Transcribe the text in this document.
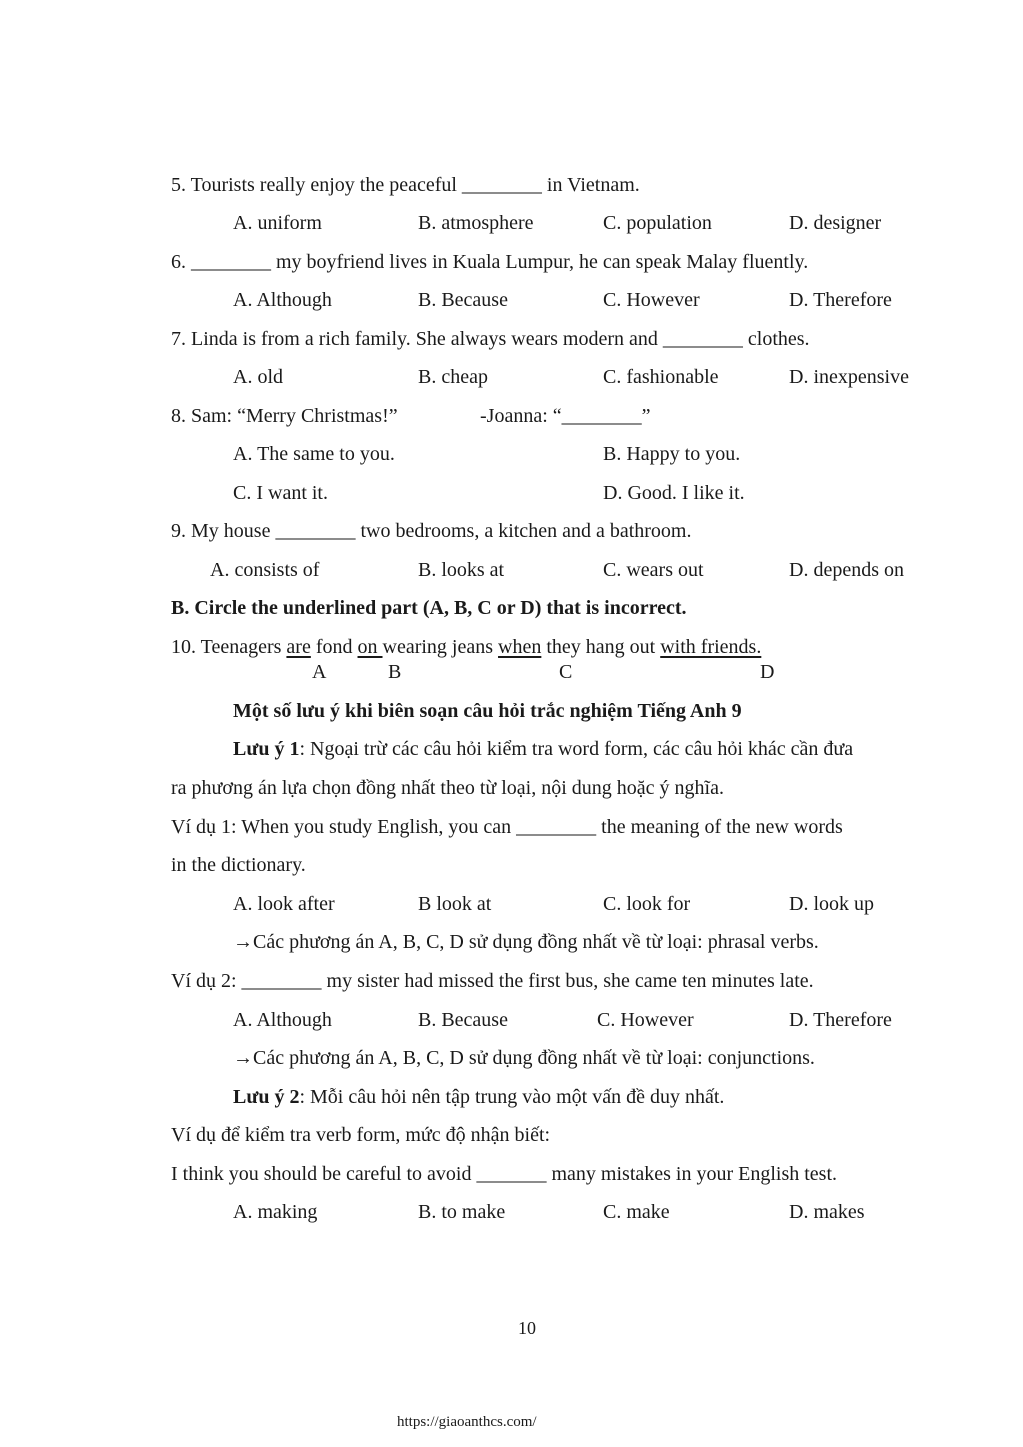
5. Tourists really enjoy the peaceful ________ in Vietnam.
A. uniform	B. atmosphere	C. population	D. designer
6. ________ my boyfriend lives in Kuala Lumpur, he can speak Malay fluently.
A. Although	B. Because	C. However	D. Therefore
7. Linda is from a rich family. She always wears modern and ________ clothes.
A. old	B. cheap	C. fashionable	D. inexpensive
8. Sam: “Merry Christmas!”	-Joanna: “________”
A. The same to you.	B. Happy to you.
C. I want it.	D. Good. I like it.
9. My house ________ two bedrooms, a kitchen and a bathroom.
A. consists of	B. looks at	C. wears out	D. depends on
B. Circle the underlined part (A, B, C or D) that is incorrect.
10. Teenagers are fond on wearing jeans when they hang out with friends.
A	B	C	D
Một số lưu ý khi biên soạn câu hỏi trắc nghiệm Tiếng Anh 9
Lưu ý 1: Ngoại trừ các câu hỏi kiểm tra word form, các câu hỏi khác cần đưa
ra phương án lựa chọn đồng nhất theo từ loại, nội dung hoặc ý nghĩa.
Ví dụ 1: When you study English, you can ________ the meaning of the new words
in the dictionary.
A. look after	B look at	C. look for	D. look up
→Các phương án A, B, C, D sử dụng đồng nhất về từ loại: phrasal verbs.
Ví dụ 2: ________ my sister had missed the first bus, she came ten minutes late.
A. Although	B. Because	C. However	D. Therefore
→Các phương án A, B, C, D sử dụng đồng nhất về từ loại: conjunctions.
Lưu ý 2: Mỗi câu hỏi nên tập trung vào một vấn đề duy nhất.
Ví dụ để kiểm tra verb form, mức độ nhận biết:
I think you should be careful to avoid _______ many mistakes in your English test.
A. making	B. to make	C. make	D. makes
10
https://giaoanthcs.com/
